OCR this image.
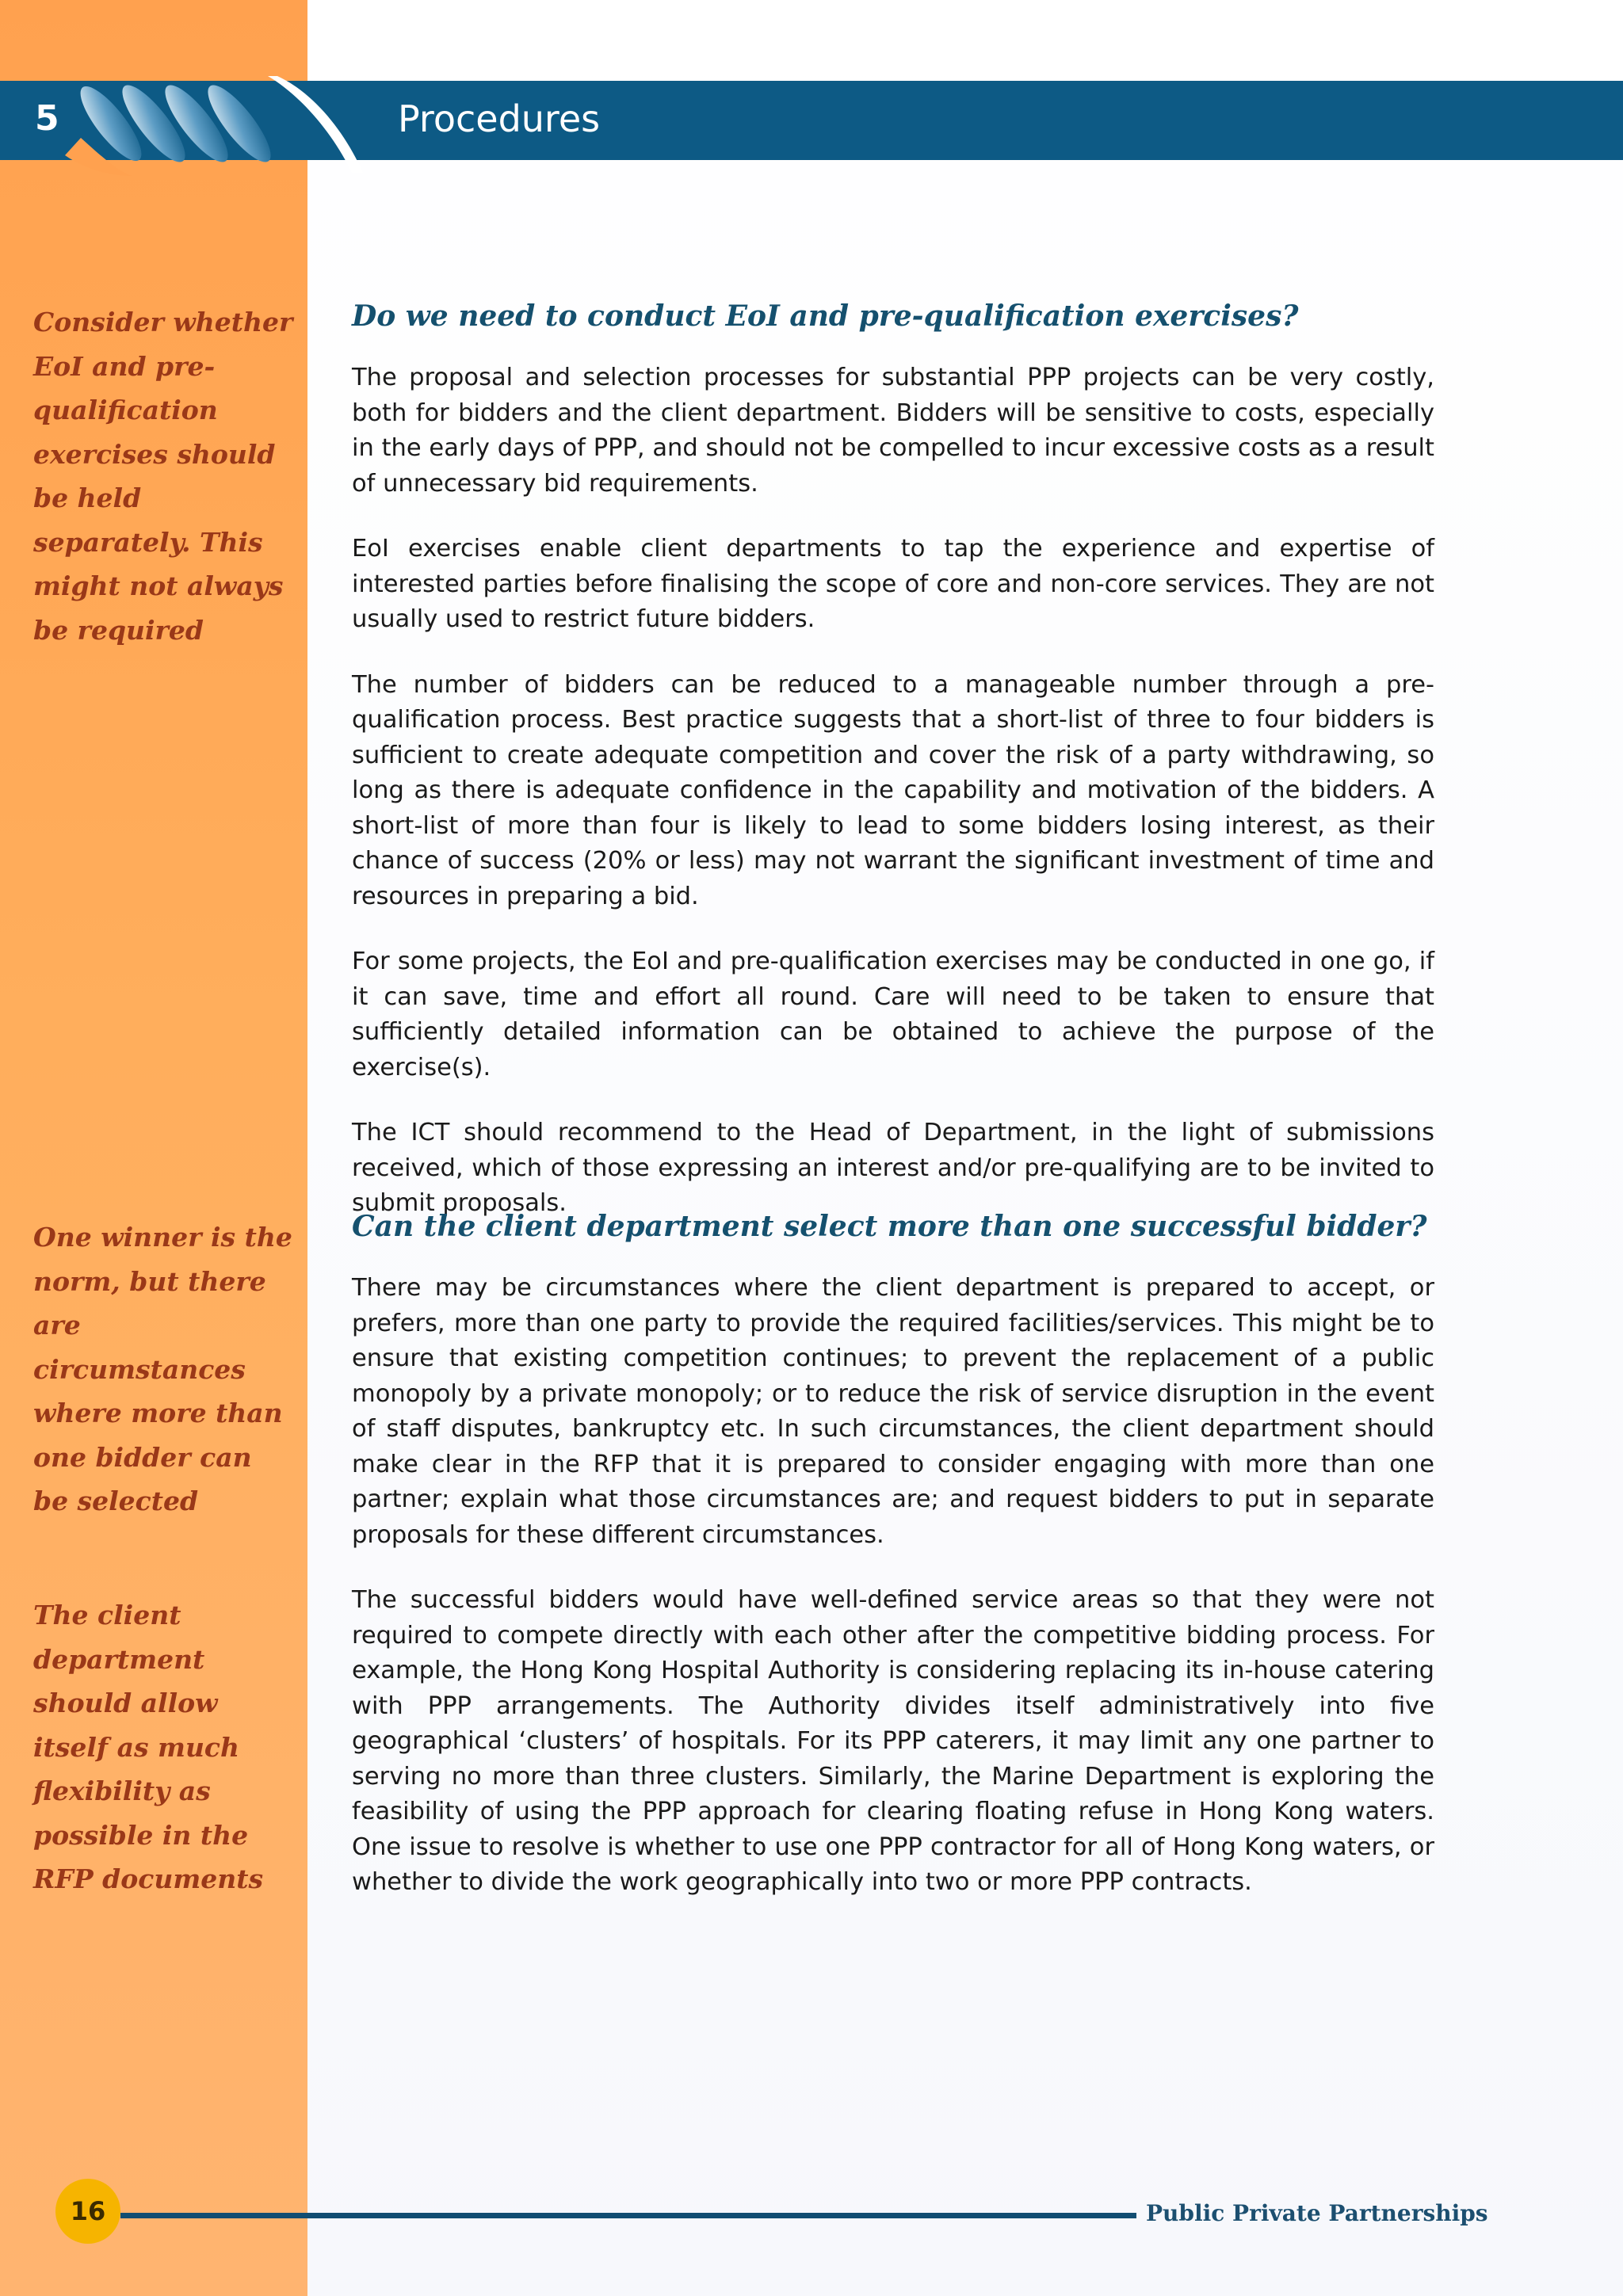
5	Procedures
Consider whether EoI and pre-qualification exercises should be held separately. This might not always be required
One winner is the norm, but there are circumstances where more than one bidder can be selected
The client department should allow itself as much flexibility as possible in the RFP documents
Do we need to conduct EoI and pre-qualification exercises?

The proposal and selection processes for substantial PPP projects can be very costly, both for bidders and the client department. Bidders will be sensitive to costs, especially in the early days of PPP, and should not be compelled to incur excessive costs as a result of unnecessary bid requirements.

EoI exercises enable client departments to tap the experience and expertise of interested parties before finalising the scope of core and non-core services. They are not usually used to restrict future bidders.

The number of bidders can be reduced to a manageable number through a pre-qualification process. Best practice suggests that a short-list of three to four bidders is sufficient to create adequate competition and cover the risk of a party withdrawing, so long as there is adequate confidence in the capability and motivation of the bidders. A short-list of more than four is likely to lead to some bidders losing interest, as their chance of success (20% or less) may not warrant the significant investment of time and resources in preparing a bid.

For some projects, the EoI and pre-qualification exercises may be conducted in one go, if it can save, time and effort all round. Care will need to be taken to ensure that sufficiently detailed information can be obtained to achieve the purpose of the exercise(s).

The ICT should recommend to the Head of Department, in the light of submissions received, which of those expressing an interest and/or pre-qualifying are to be invited to submit proposals.

Can the client department select more than one successful bidder?

There may be circumstances where the client department is prepared to accept, or prefers, more than one party to provide the required facilities/services. This might be to ensure that existing competition continues; to prevent the replacement of a public monopoly by a private monopoly; or to reduce the risk of service disruption in the event of staff disputes, bankruptcy etc. In such circumstances, the client department should make clear in the RFP that it is prepared to consider engaging with more than one partner; explain what those circumstances are; and request bidders to put in separate proposals for these different circumstances.

The successful bidders would have well-defined service areas so that they were not required to compete directly with each other after the competitive bidding process. For example, the Hong Kong Hospital Authority is considering replacing its in-house catering with PPP arrangements. The Authority divides itself administratively into five geographical ‘clusters’ of hospitals. For its PPP caterers, it may limit any one partner to serving no more than three clusters. Similarly, the Marine Department is exploring the feasibility of using the PPP approach for clearing floating refuse in Hong Kong waters. One issue to resolve is whether to use one PPP contractor for all of Hong Kong waters, or whether to divide the work geographically into two or more PPP contracts.

16	Public Private Partnerships
